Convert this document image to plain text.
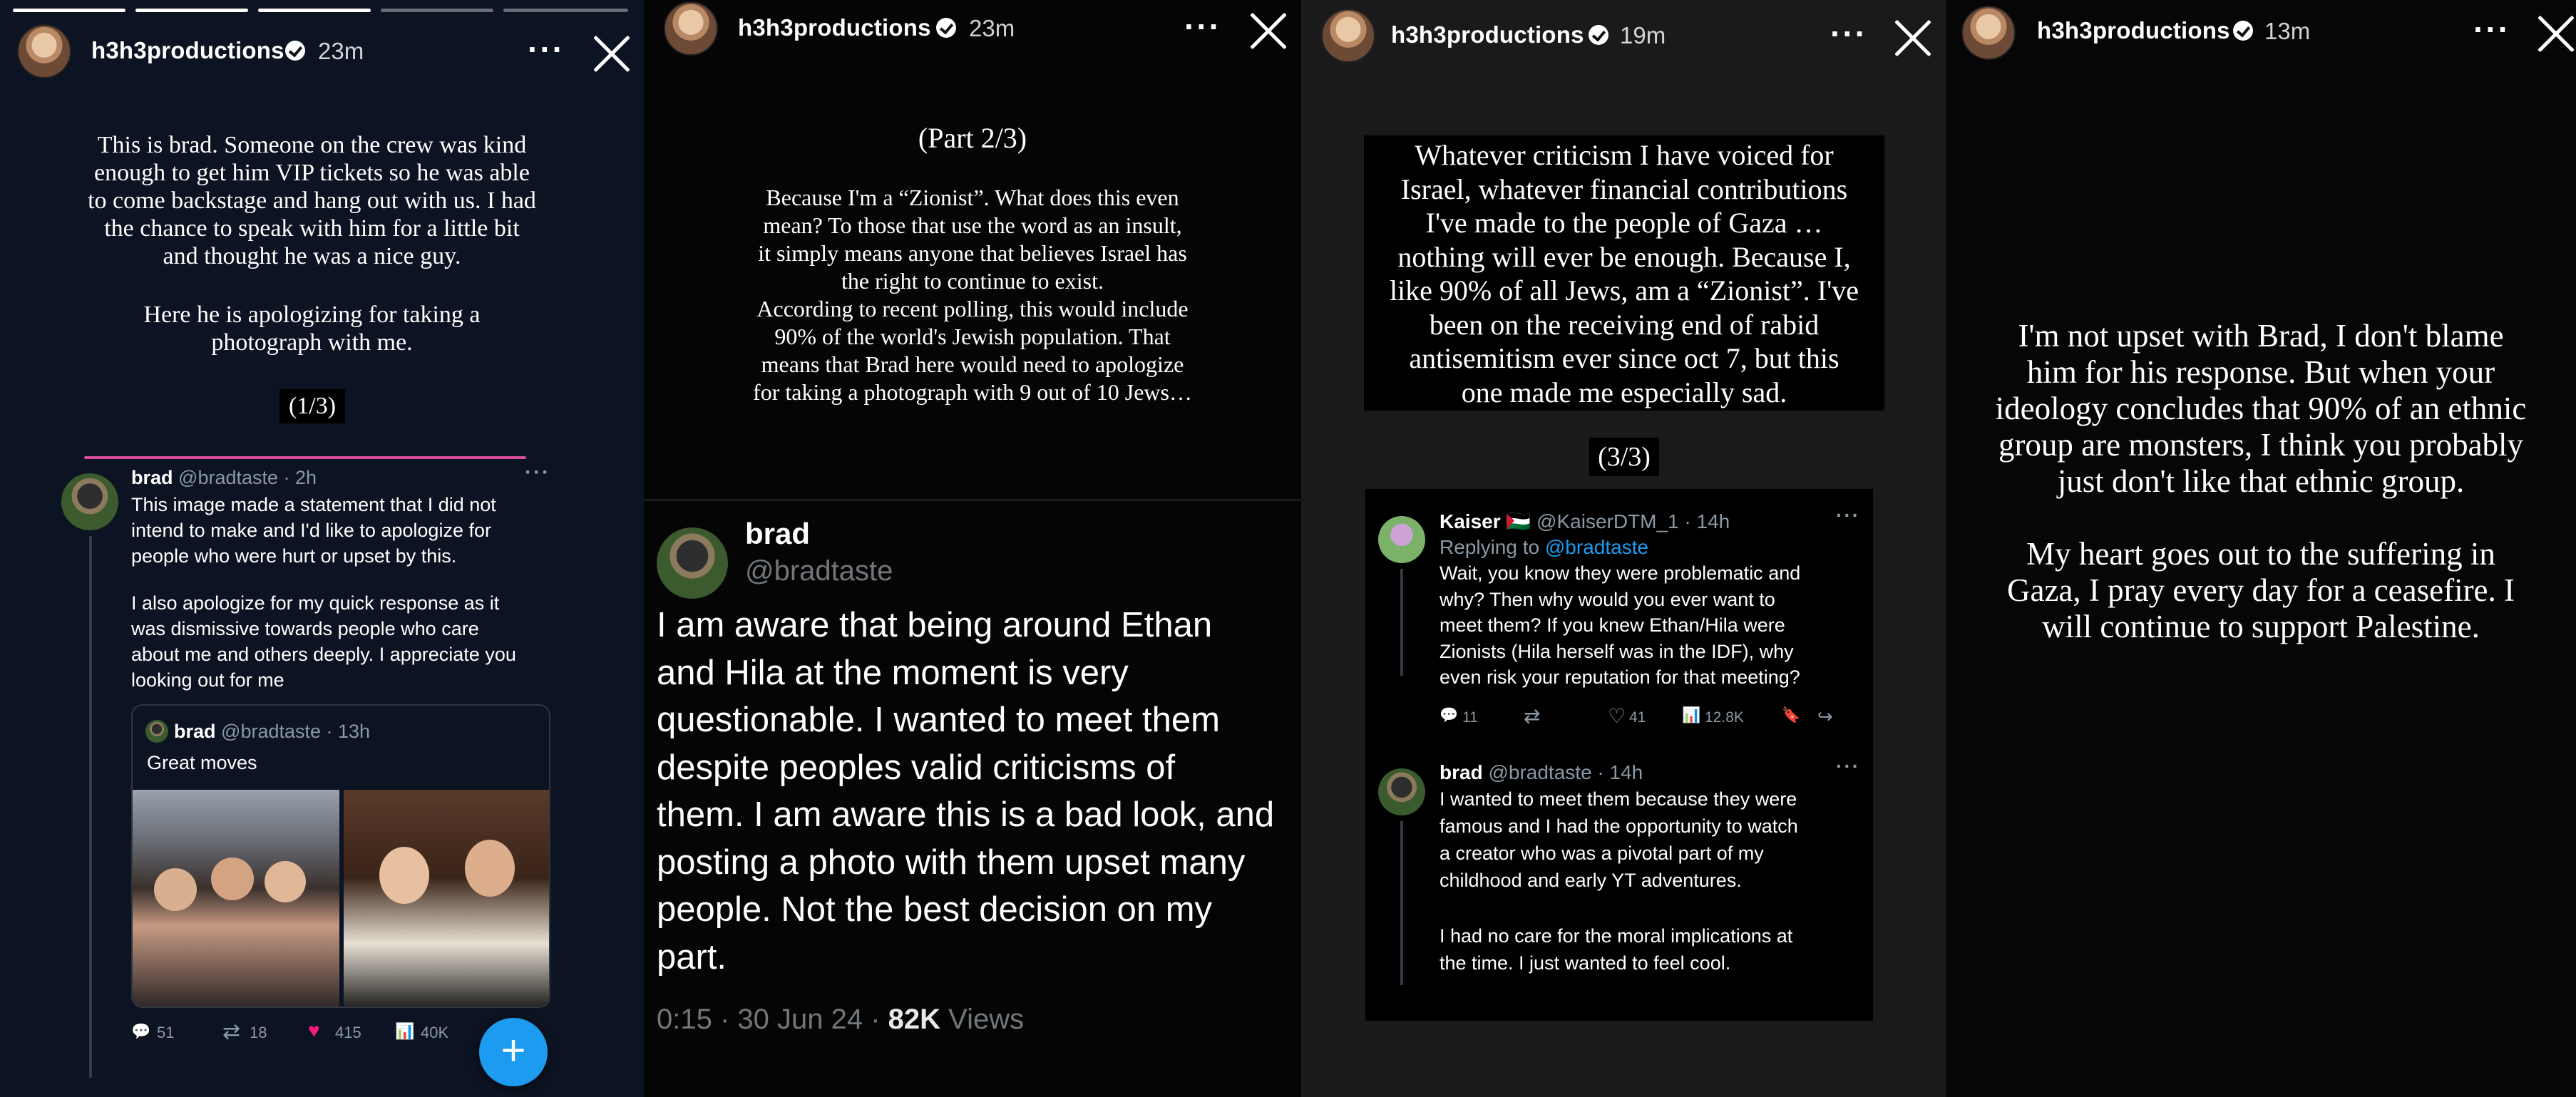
h3h3productions 23m	···
This is brad. Someone on the crew was kind
enough to get him VIP tickets so he was able
to come backstage and hang out with us. I had
the chance to speak with him for a little bit
and thought he was a nice guy.
Here he is apologizing for taking a
photograph with me.
(1/3)
brad @bradtaste · 2h	···
This image made a statement that I did not
intend to make and I'd like to apologize for
people who were hurt or upset by this.
I also apologize for my quick response as it
was dismissive towards people who care
about me and others deeply. I appreciate you
looking out for me
brad @bradtaste · 13h
Great moves
💬 51 ⇄ 18 ♥ 415 📊 40K	+
h3h3productions 23m	···
(Part 2/3)
Because I'm a “Zionist”. What does this even
mean? To those that use the word as an insult,
it simply means anyone that believes Israel has
the right to continue to exist.
According to recent polling, this would include
90% of the world's Jewish population. That
means that Brad here would need to apologize
for taking a photograph with 9 out of 10 Jews…
brad
@bradtaste
I am aware that being around Ethan
and Hila at the moment is very
questionable. I wanted to meet them
despite peoples valid criticisms of
them. I am aware this is a bad look, and
posting a photo with them upset many
people. Not the best decision on my
part.
0:15 · 30 Jun 24 · 82K Views
h3h3productions 19m	···
Whatever criticism I have voiced for
Israel, whatever financial contributions
I've made to the people of Gaza …
nothing will ever be enough. Because I,
like 90% of all Jews, am a “Zionist”. I've
been on the receiving end of rabid
antisemitism ever since oct 7, but this
one made me especially sad.
(3/3)
Kaiser 🇵🇸 @KaiserDTM_1 · 14h	···
Replying to @bradtaste
Wait, you know they were problematic and
why? Then why would you ever want to
meet them? If you knew Ethan/Hila were
Zionists (Hila herself was in the IDF), why
even risk your reputation for that meeting?
💬 11 ⇄	♡ 41 📊 12.8K	🔖 ↪
brad @bradtaste · 14h	···
I wanted to meet them because they were
famous and I had the opportunity to watch
a creator who was a pivotal part of my
childhood and early YT adventures.
I had no care for the moral implications at
the time. I just wanted to feel cool.
h3h3productions 13m	···
I'm not upset with Brad, I don't blame
him for his response. But when your
ideology concludes that 90% of an ethnic
group are monsters, I think you probably
just don't like that ethnic group.
My heart goes out to the suffering in
Gaza, I pray every day for a ceasefire. I
will continue to support Palestine.
